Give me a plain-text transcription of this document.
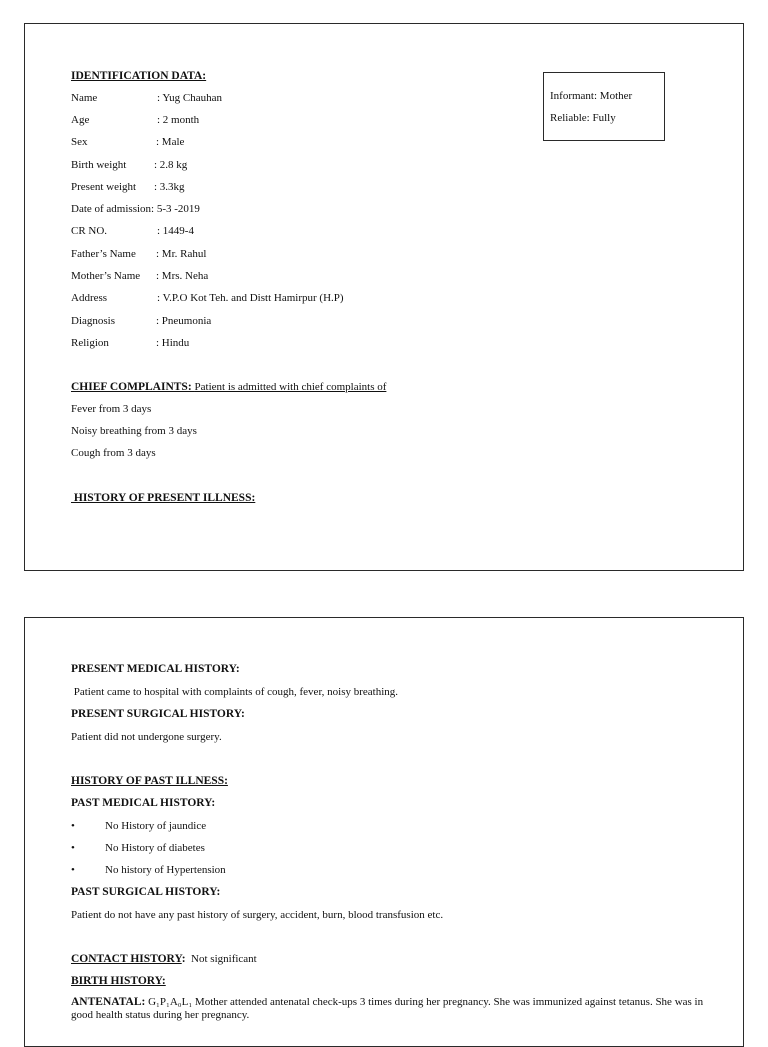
IDENTIFICATION DATA:
Name	: Yug Chauhan
Age	: 2 month
Sex	: Male
Birth weight	: 2.8 kg
Present weight : 3.3kg
Date of admission: 5-3 -2019
CR NO.	: 1449-4
Father’s Name : Mr. Rahul
Mother’s Name : Mrs. Neha
Address	: V.P.O Kot Teh. and Distt Hamirpur (H.P)
Diagnosis	: Pneumonia
Religion	: Hindu
Informant: Mother
Reliable: Fully
CHIEF COMPLAINTS: Patient is admitted with chief complaints of
Fever from 3 days
Noisy breathing from 3 days
Cough from 3 days
HISTORY OF PRESENT ILLNESS:
PRESENT MEDICAL HISTORY:
Patient came to hospital with complaints of cough, fever, noisy breathing.
PRESENT SURGICAL HISTORY:
Patient did not undergone surgery.
HISTORY OF PAST ILLNESS:
PAST MEDICAL HISTORY:
•	No History of jaundice
•	No History of diabetes
•	No history of Hypertension
PAST SURGICAL HISTORY:
Patient do not have any past history of surgery, accident, burn, blood transfusion etc.
CONTACT HISTORY:  Not significant
BIRTH HISTORY:
ANTENATAL: G₁P₁A₀L₁ Mother attended antenatal check-ups 3 times during her pregnancy. She was immunized against tetanus. She was in good health status during her pregnancy.
